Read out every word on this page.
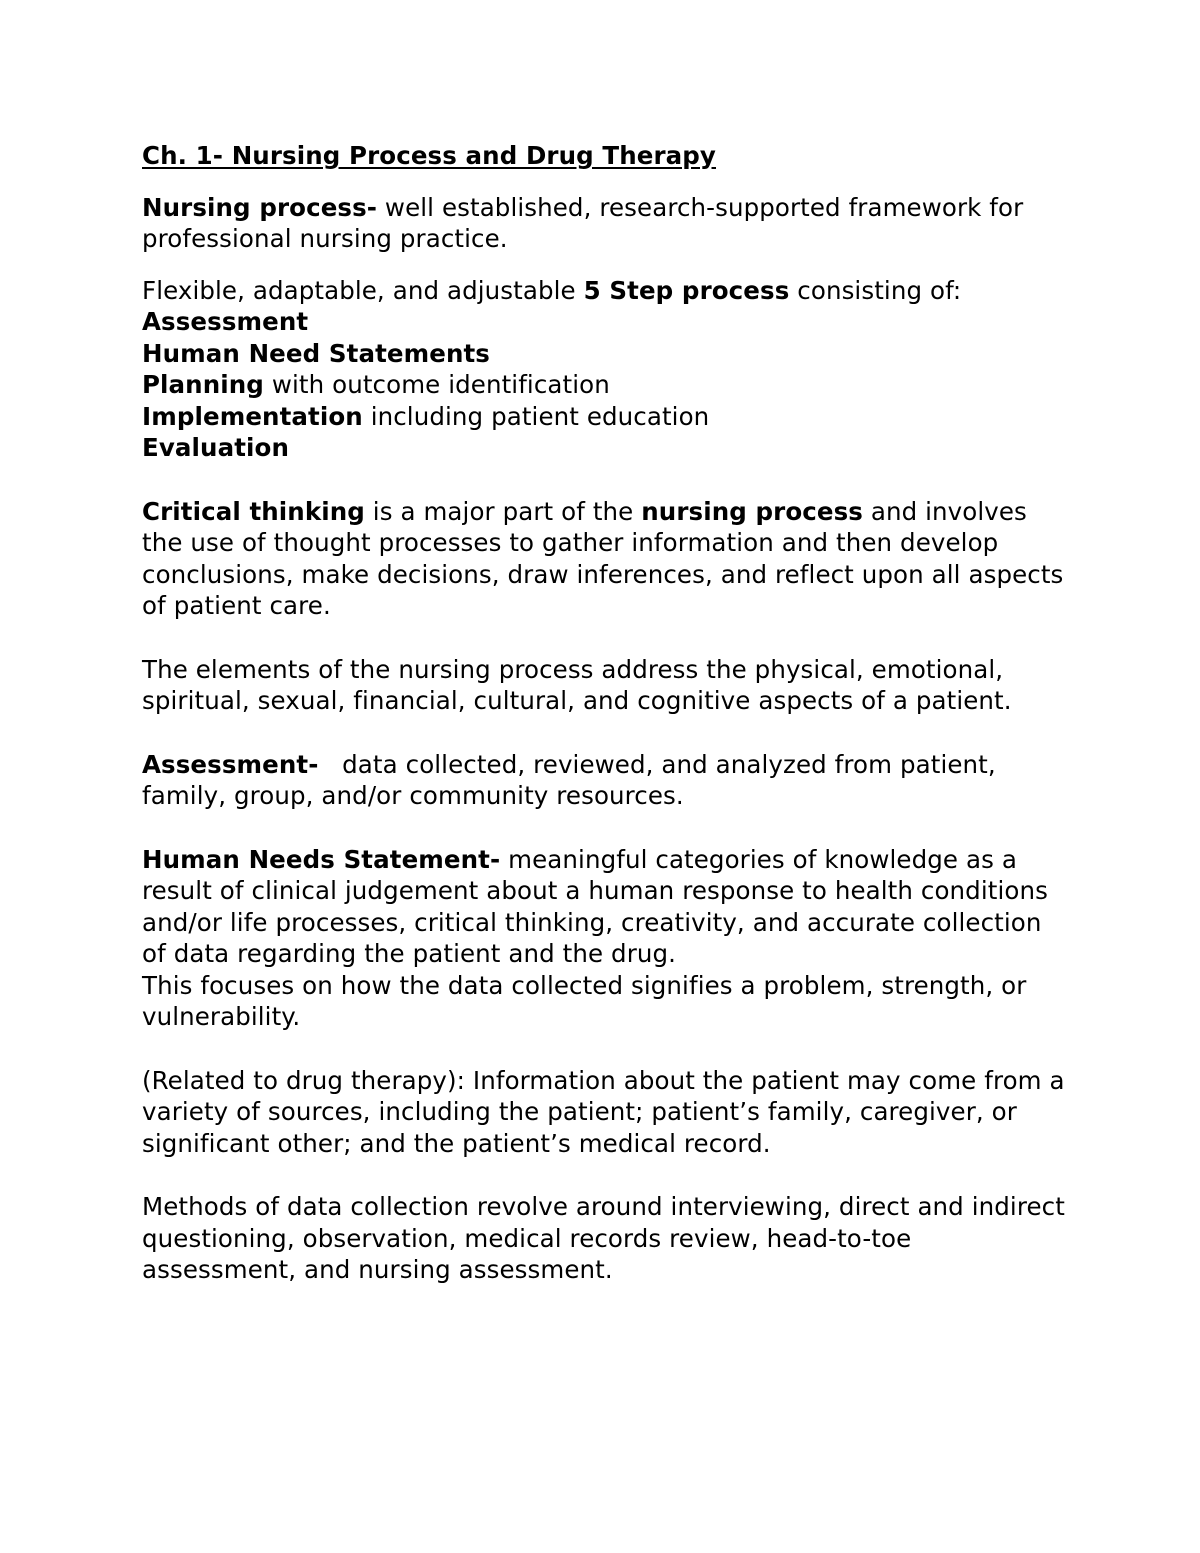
Ch. 1- Nursing Process and Drug Therapy

Nursing process- well established, research-supported framework for professional nursing practice.

Flexible, adaptable, and adjustable 5 Step process consisting of:

Assessment

Human Need Statements

Planning with outcome identification

Implementation including patient education

Evaluation

Critical thinking is a major part of the nursing process and involves the use of thought processes to gather information and then develop conclusions, make decisions, draw inferences, and reflect upon all aspects of patient care.

The elements of the nursing process address the physical, emotional, spiritual, sexual, financial, cultural, and cognitive aspects of a patient.

Assessment-   data collected, reviewed, and analyzed from patient, family, group, and/or community resources.

Human Needs Statement- meaningful categories of knowledge as a result of clinical judgement about a human response to health conditions and/or life processes, critical thinking, creativity, and accurate collection of data regarding the patient and the drug.

This focuses on how the data collected signifies a problem, strength, or vulnerability.

(Related to drug therapy): Information about the patient may come from a variety of sources, including the patient; patient’s family, caregiver, or significant other; and the patient’s medical record.

Methods of data collection revolve around interviewing, direct and indirect questioning, observation, medical records review, head-to-toe assessment, and nursing assessment.
